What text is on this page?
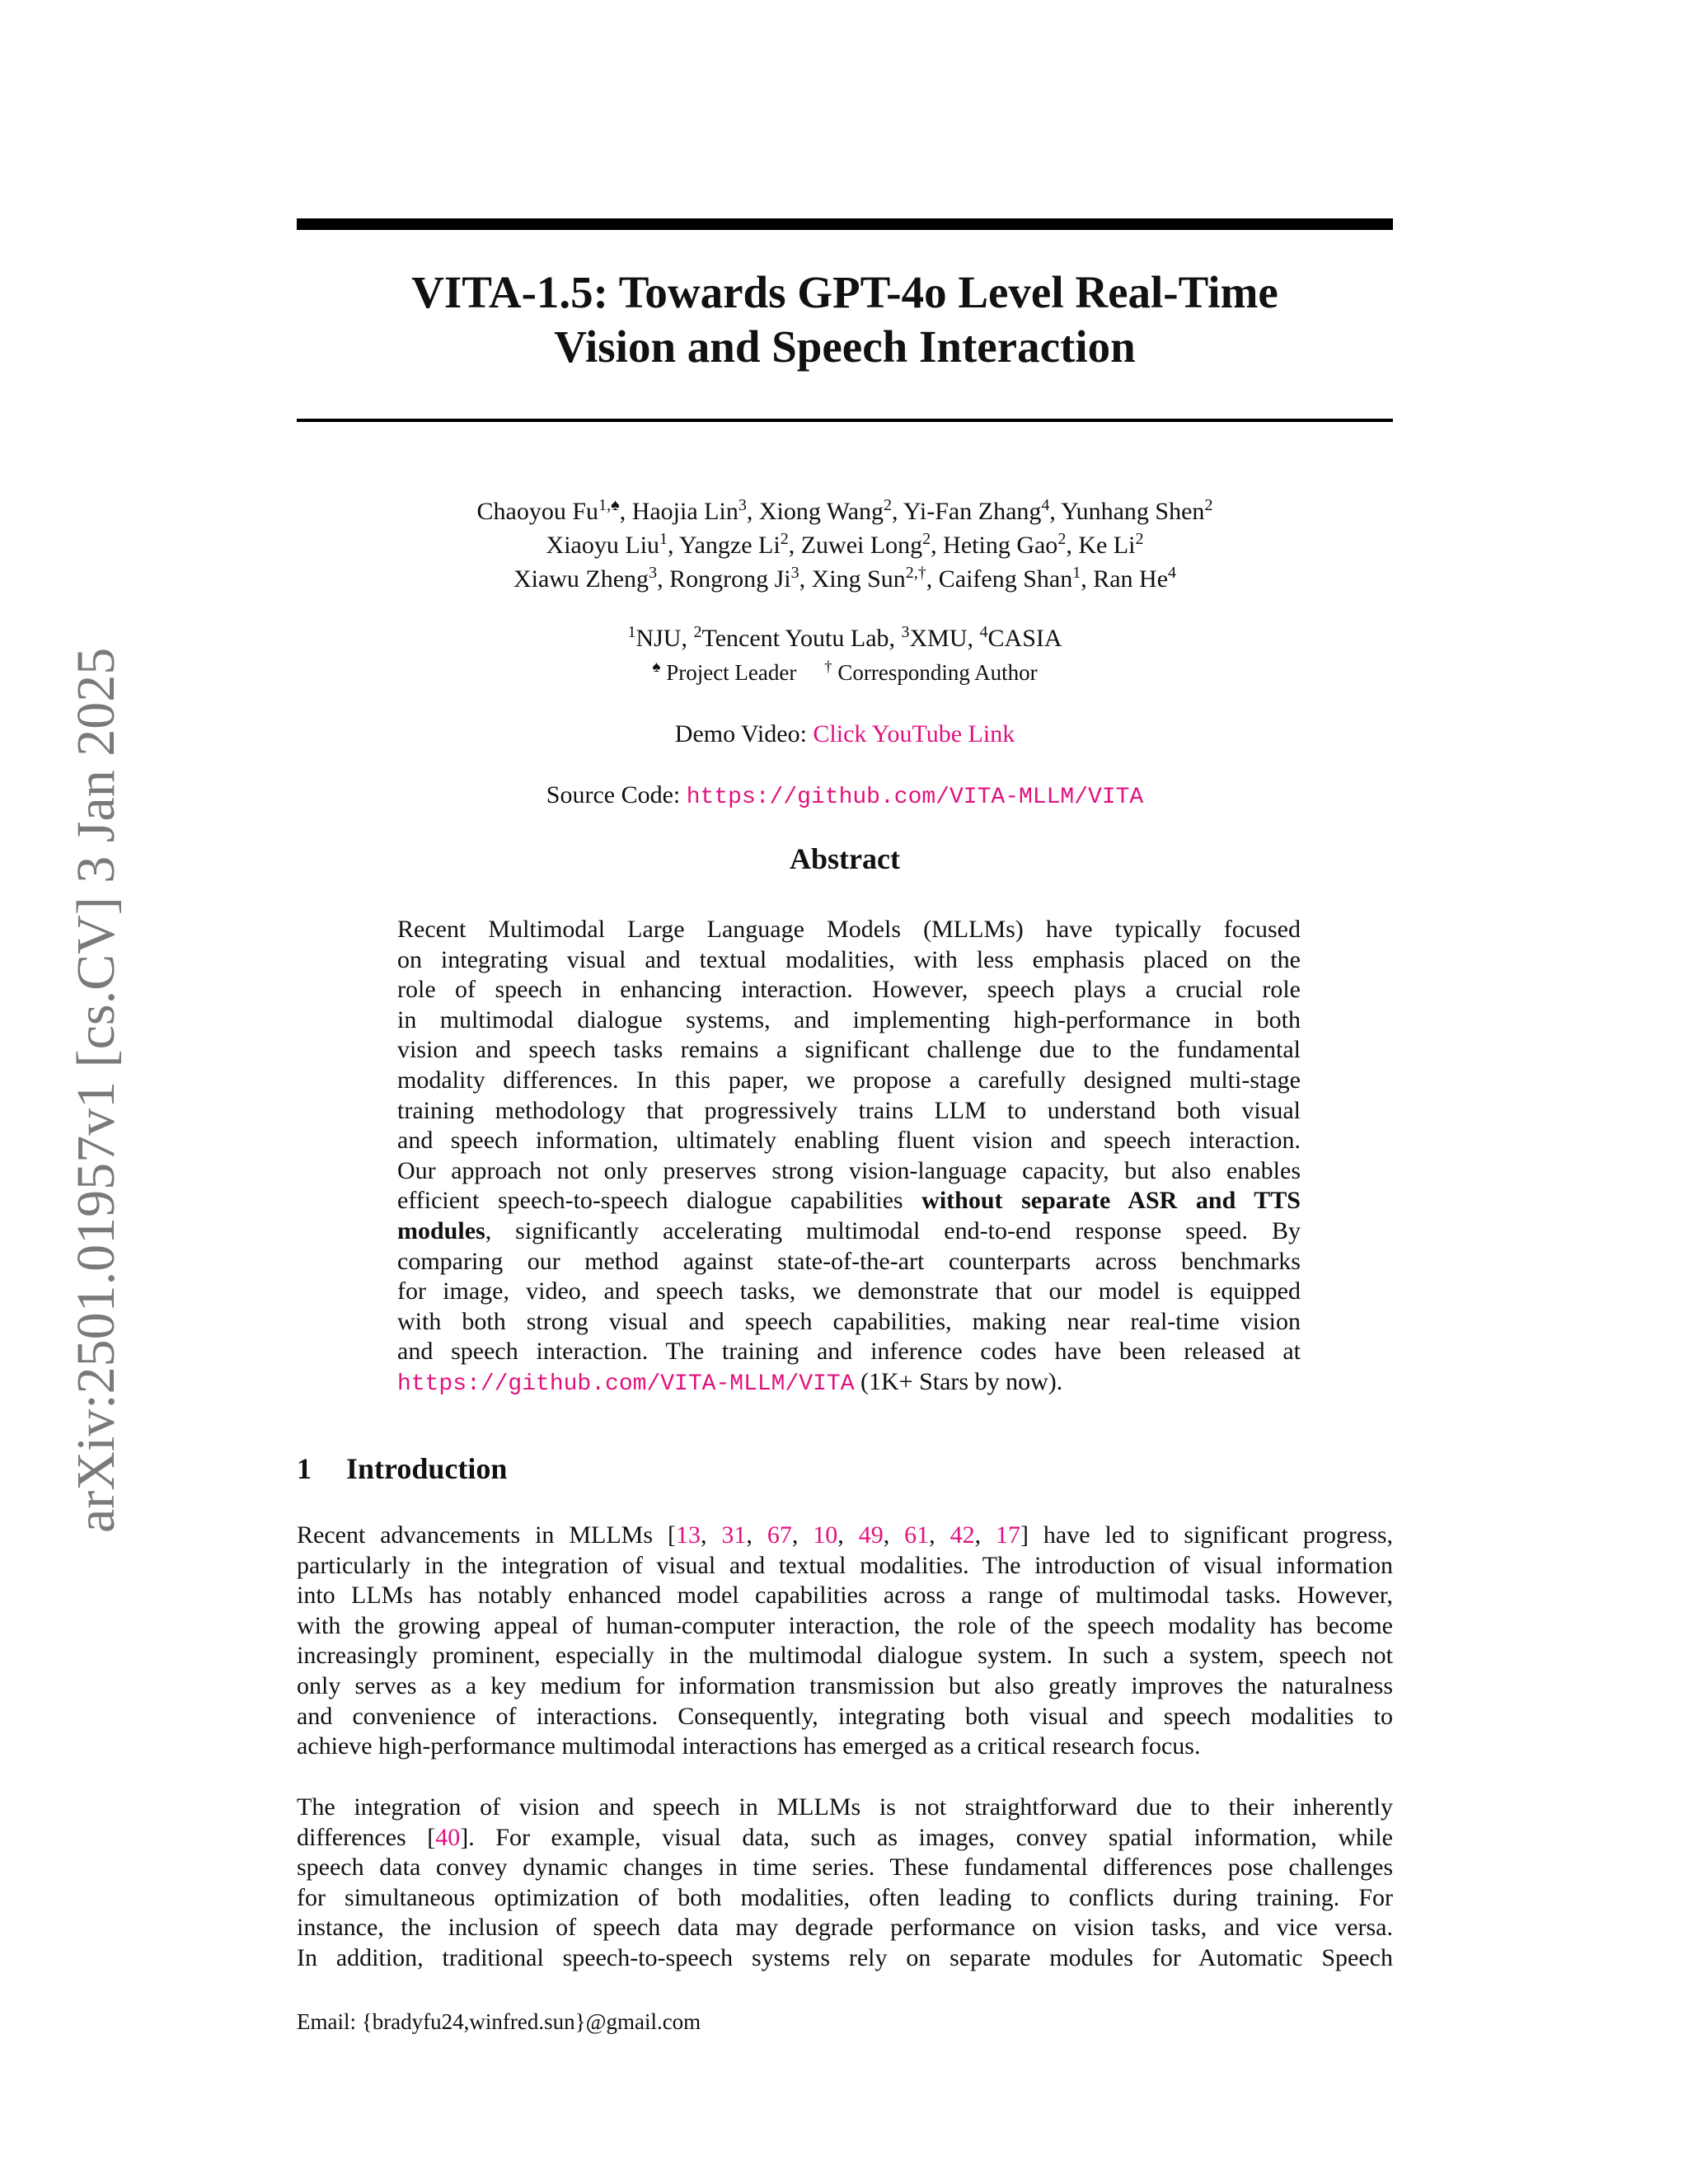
arXiv:2501.01957v1 [cs.CV] 3 Jan 2025
VITA-1.5: Towards GPT-4o Level Real-Time
Vision and Speech Interaction
Chaoyou $Fu^{1,♠}$, Haojia Lin$^3$, Xiong Wang$^2$, Yi-Fan Zhang$^4$, Yunhang Shen$^2$
Xiaoyu Liu$^1$, Yangze Li$^2$, Zuwei Long$^2$, Heting Gao$^2$, Ke Li$^2$
Xiawu Zheng$^3$, Rongrong Ji$^3$, Xing Sun$^{2,\dagger}$, Caifeng Shan$^1$, Ran He$^4$
$^1$NJU, $^2$Tencent Youtu Lab, $^3$XMU, $^4$CASIA
♠ Project Leader † Corresponding Author
Demo Video: Click YouTube Link
Source Code: https://github.com/VITA-MLLM/VITA
Abstract
Recent Multimodal Large Language Models (MLLMs) have typically focused
on integrating visual and textual modalities, with less emphasis placed on the
role of speech in enhancing interaction. However, speech plays a crucial role
in multimodal dialogue systems, and implementing high-performance in both
vision and speech tasks remains a significant challenge due to the fundamental
modality differences. In this paper, we propose a carefully designed multi-stage
training methodology that progressively trains LLM to understand both visual
and speech information, ultimately enabling fluent vision and speech interaction.
Our approach not only preserves strong vision-language capacity, but also enables
efficient speech-to-speech dialogue capabilities without separate ASR and TTS
modules, significantly accelerating multimodal end-to-end response speed. By
comparing our method against state-of-the-art counterparts across benchmarks
for image, video, and speech tasks, we demonstrate that our model is equipped
with both strong visual and speech capabilities, making near real-time vision
and speech interaction. The training and inference codes have been released at
https://github.com/VITA-MLLM/VITA (1K+ Stars by now).
1 Introduction
Recent advancements in MLLMs [13, 31, 67, 10, 49, 61, 42, 17] have led to significant progress,
particularly in the integration of visual and textual modalities. The introduction of visual information
into LLMs has notably enhanced model capabilities across a range of multimodal tasks. However,
with the growing appeal of human-computer interaction, the role of the speech modality has become
increasingly prominent, especially in the multimodal dialogue system. In such a system, speech not
only serves as a key medium for information transmission but also greatly improves the naturalness
and convenience of interactions. Consequently, integrating both visual and speech modalities to
achieve high-performance multimodal interactions has emerged as a critical research focus.
The integration of vision and speech in MLLMs is not straightforward due to their inherently
differences [40]. For example, visual data, such as images, convey spatial information, while
speech data convey dynamic changes in time series. These fundamental differences pose challenges
for simultaneous optimization of both modalities, often leading to conflicts during training. For
instance, the inclusion of speech data may degrade performance on vision tasks, and vice versa.
In addition, traditional speech-to-speech systems rely on separate modules for Automatic Speech
Email: {bradyfu24,winfred.sun}@gmail.com
